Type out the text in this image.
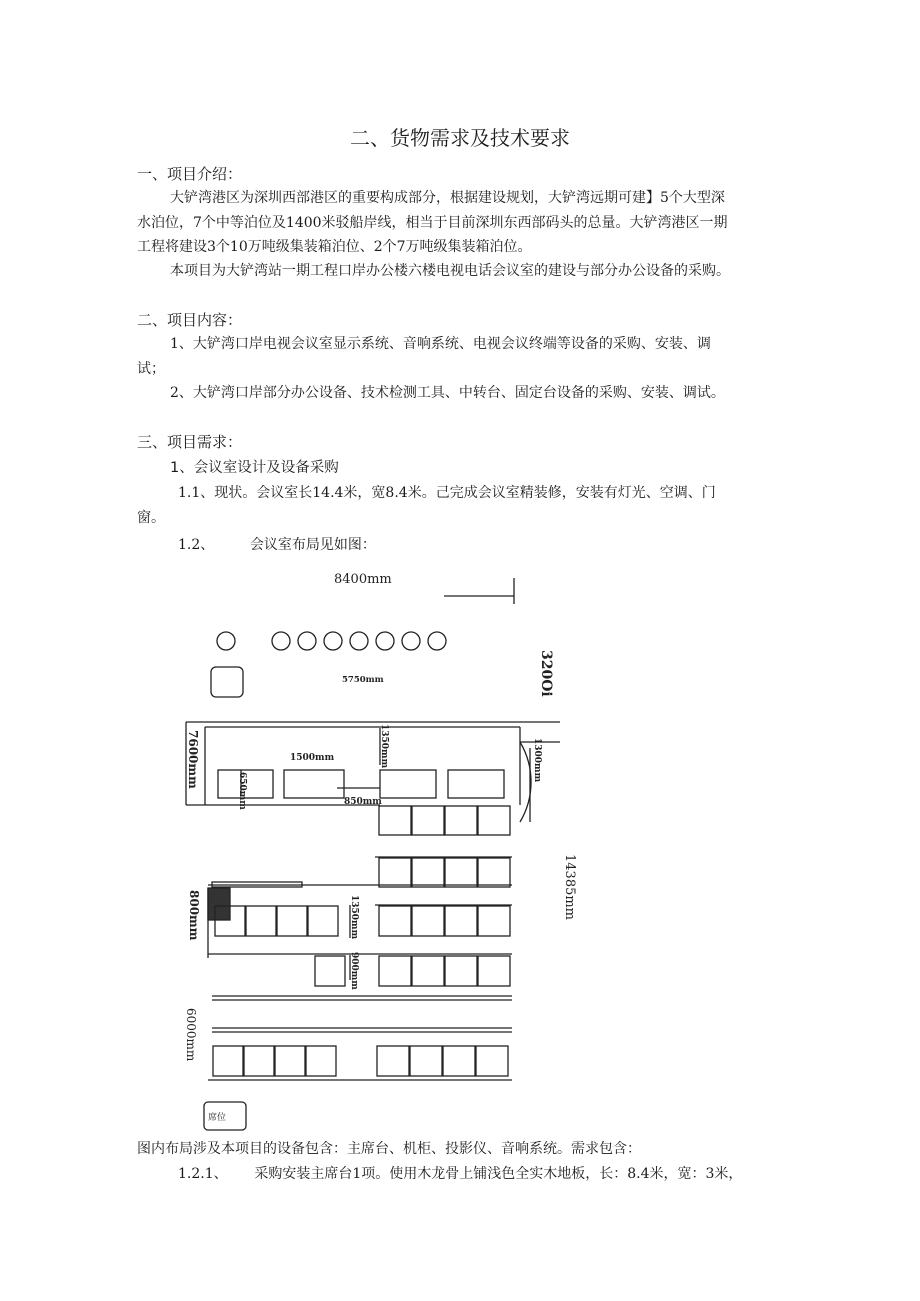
二、货物需求及技术要求
一、项目介绍：
大铲湾港区为深圳西部港区的重要构成部分，根据建设规划，大铲湾远期可建】5个大型深
水泊位，7个中等泊位及1400米驳船岸线，相当于目前深圳东西部码头的总量。大铲湾港区一期
工程将建设3个10万吨级集装箱泊位、2个7万吨级集装箱泊位。
本项目为大铲湾站一期工程口岸办公楼六楼电视电话会议室的建设与部分办公设备的采购。
二、项目内容：
1、大铲湾口岸电视会议室显示系统、音响系统、电视会议终端等设备的采购、安装、调
试；
2、大铲湾口岸部分办公设备、技术检测工具、中转台、固定台设备的采购、安装、调试。
三、项目需求：
1、会议室设计及设备采购
1.1、现状。会议室长14.4米，宽8.4米。己完成会议室精装修，安装有灯光、空调、门
窗。
1.2、        会议室布局见如图：
8400mm
5750mm
1500mm
850mm
320Oi
7600mm
650mm
1350mm	1300mm
800mm	1350mm
900mm
14385mm
6000mm
席位
图内布局涉及本项目的设备包含：主席台、机柜、投影仪、音响系统。需求包含：
1.2.1、      采购安装主席台1项。使用木龙骨上铺浅色全实木地板，长：8.4米，宽：3米，
